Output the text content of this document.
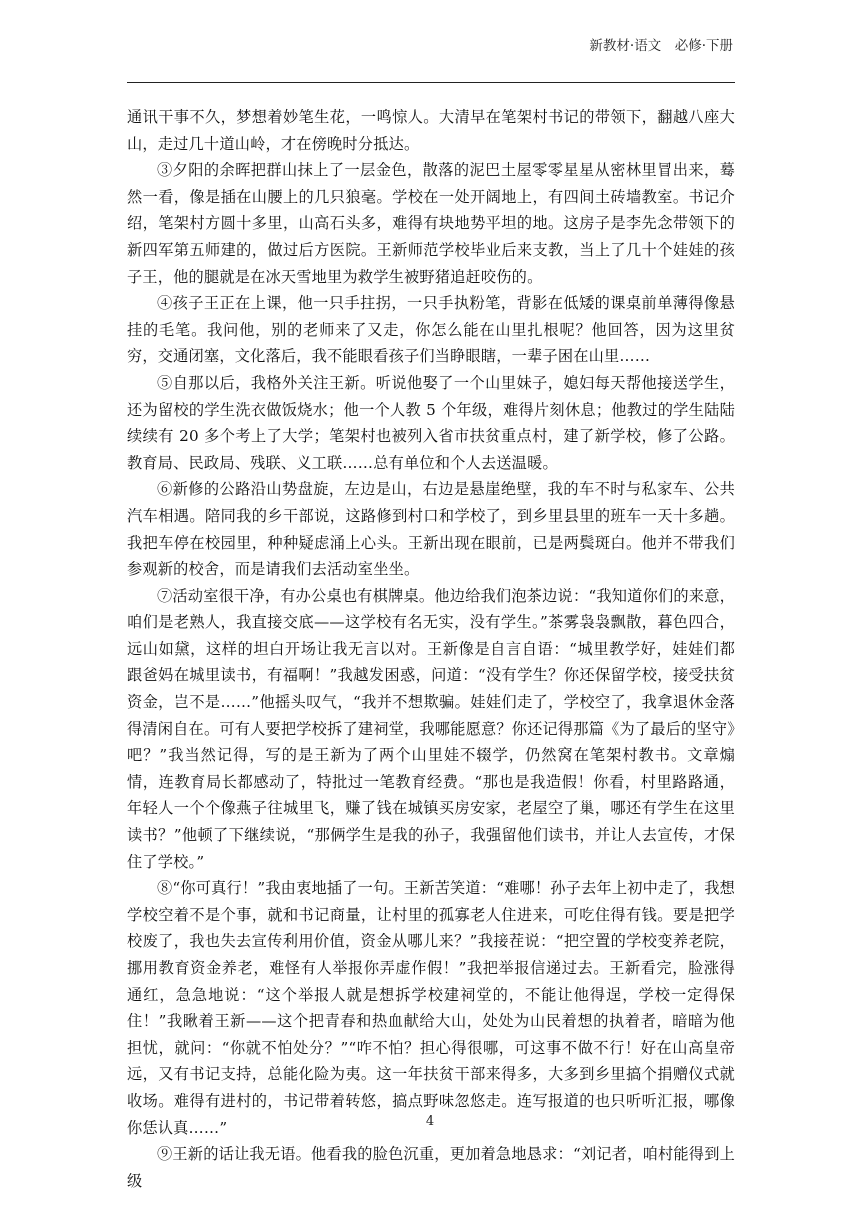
新教材·语文　必修·下册

通讯干事不久，梦想着妙笔生花，一鸣惊人。大清早在笔架村书记的带领下，翻越八座大山，走过几十道山岭，才在傍晚时分抵达。

③夕阳的余晖把群山抹上了一层金色，散落的泥巴土屋零零星星从密林里冒出来，蓦然一看，像是插在山腰上的几只狼毫。学校在一处开阔地上，有四间土砖墙教室。书记介绍，笔架村方圆十多里，山高石头多，难得有块地势平坦的地。这房子是李先念带领下的新四军第五师建的，做过后方医院。王新师范学校毕业后来支教，当上了几十个娃娃的孩子王，他的腿就是在冰天雪地里为救学生被野猪追赶咬伤的。

④孩子王正在上课，他一只手拄拐，一只手执粉笔，背影在低矮的课桌前单薄得像悬挂的毛笔。我问他，别的老师来了又走，你怎么能在山里扎根呢？他回答，因为这里贫穷，交通闭塞，文化落后，我不能眼看孩子们当睁眼瞎，一辈子困在山里……

⑤自那以后，我格外关注王新。听说他娶了一个山里妹子，媳妇每天帮他接送学生，还为留校的学生洗衣做饭烧水；他一个人教 5 个年级，难得片刻休息；他教过的学生陆陆续续有 20 多个考上了大学；笔架村也被列入省市扶贫重点村，建了新学校，修了公路。教育局、民政局、残联、义工联……总有单位和个人去送温暖。

⑥新修的公路沿山势盘旋，左边是山，右边是悬崖绝壁，我的车不时与私家车、公共汽车相遇。陪同我的乡干部说，这路修到村口和学校了，到乡里县里的班车一天十多趟。我把车停在校园里，种种疑虑涌上心头。王新出现在眼前，已是两鬓斑白。他并不带我们参观新的校舍，而是请我们去活动室坐坐。

⑦活动室很干净，有办公桌也有棋牌桌。他边给我们泡茶边说：“我知道你们的来意，咱们是老熟人，我直接交底——这学校有名无实，没有学生。”茶雾袅袅飘散，暮色四合，远山如黛，这样的坦白开场让我无言以对。王新像是自言自语：“城里教学好，娃娃们都跟爸妈在城里读书，有福啊！”我越发困惑，问道：“没有学生？你还保留学校，接受扶贫资金，岂不是……”他摇头叹气，“我并不想欺骗。娃娃们走了，学校空了，我拿退休金落得清闲自在。可有人要把学校拆了建祠堂，我哪能愿意？你还记得那篇《为了最后的坚守》吧？”我当然记得，写的是王新为了两个山里娃不辍学，仍然窝在笔架村教书。文章煽情，连教育局长都感动了，特批过一笔教育经费。“那也是我造假！你看，村里路路通，年轻人一个个像燕子往城里飞，赚了钱在城镇买房安家，老屋空了巢，哪还有学生在这里读书？”他顿了下继续说，“那俩学生是我的孙子，我强留他们读书，并让人去宣传，才保住了学校。”

⑧“你可真行！”我由衷地插了一句。王新苦笑道：“难哪！孙子去年上初中走了，我想学校空着不是个事，就和书记商量，让村里的孤寡老人住进来，可吃住得有钱。要是把学校废了，我也失去宣传利用价值，资金从哪儿来？”我接茬说：“把空置的学校变养老院，挪用教育资金养老，难怪有人举报你弄虚作假！”我把举报信递过去。王新看完，脸涨得通红，急急地说：“这个举报人就是想拆学校建祠堂的，不能让他得逞，学校一定得保住！”我瞅着王新——这个把青春和热血献给大山，处处为山民着想的执着者，暗暗为他担忧，就问：“你就不怕处分？”“咋不怕？担心得很哪，可这事不做不行！好在山高皇帝远，又有书记支持，总能化险为夷。这一年扶贫干部来得多，大多到乡里搞个捐赠仪式就收场。难得有进村的，书记带着转悠，搞点野味忽悠走。连写报道的也只听听汇报，哪像你恁认真……”

⑨王新的话让我无语。他看我的脸色沉重，更加着急地恳求：“刘记者，咱村能得到上级

4
